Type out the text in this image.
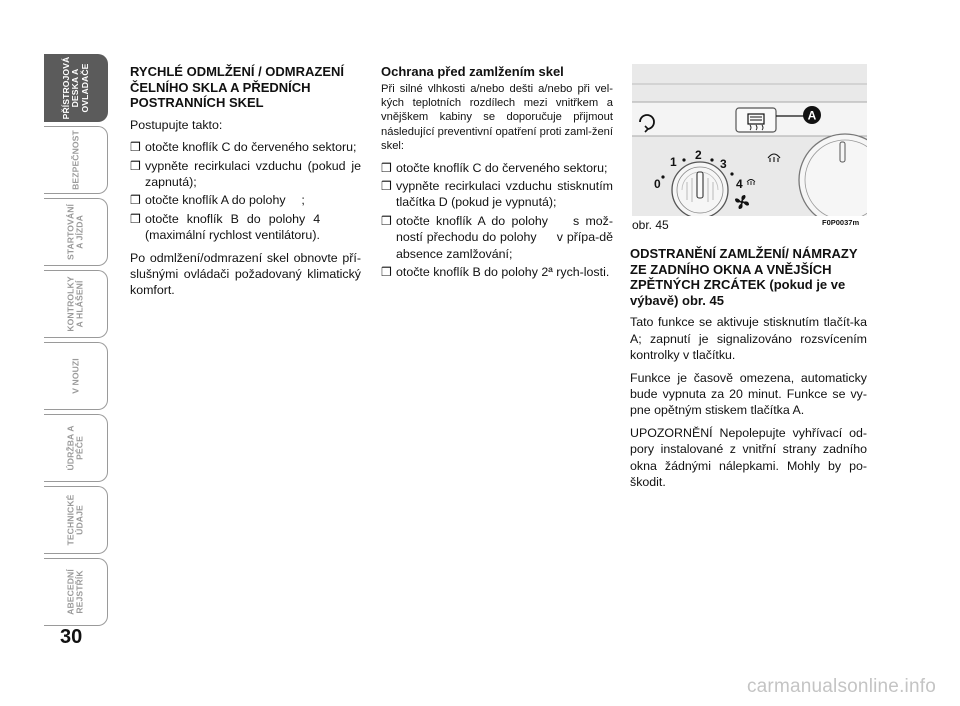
PŘÍSTROJOVÁ
DESKA A
OVLADAČE
BEZPEČNOST
STARTOVÁNÍ
A JÍZDA
KONTROLKY
A HLÁŠENÍ
V NOUZI
ÚDRŽBA A
PÉČE
TECHNICKÉ
ÚDAJE
ABECEDNÍ
REJSTŘÍK
30
RYCHLÉ ODMLŽENÍ / ODMRAZENÍ ČELNÍHO SKLA A PŘEDNÍCH POSTRANNÍCH SKEL
Postupujte takto:
❒ otočte knoflík C do červeného sektoru;
❒ vypněte recirkulaci vzduchu (pokud je zapnutá);
❒ otočte knoflík A do polohy  ;
❒ otočte knoflík B do polohy 4     (maximální rychlost ventilátoru).
Po odmlžení/odmrazení skel obnovte pří-slušnými ovládači požadovaný klimatický komfort.
Ochrana před zamlžením skel
Při silné vlhkosti a/nebo dešti a/nebo při vel-kých teplotních rozdílech mezi vnitřkem a vnějškem kabiny se doporučuje přijmout následující preventivní opatření proti zaml-žení skel:
❒ otočte knoflík C do červeného sektoru;
❒ vypněte recirkulaci vzduchu stisknutím tlačítka D (pokud je vypnutá);
❒ otočte knoflík A do polohy   s mož-ností přechodu do polohy   v přípa-dě absence zamlžování;
❒ otočte knoflík B do polohy 2ª rych-losti.
A
0
1 2
3
4
obr. 45	F0P0037m
ODSTRANĚNÍ ZAMLŽENÍ/ NÁMRAZY ZE ZADNÍHO OKNA A VNĚJŠÍCH ZPĚTNÝCH ZRCÁTEK (pokud je ve výbavě) obr. 45
Tato funkce se aktivuje stisknutím tlačít-ka A; zapnutí je signalizováno rozsvícením kontrolky v tlačítku.
Funkce je časově omezena, automaticky bude vypnuta za 20 minut. Funkce se vy-pne opětným stiskem tlačítka A.
UPOZORNĚNÍ Nepolepujte vyhřívací od-pory instalované z vnitřní strany zadního okna žádnými nálepkami. Mohly by po-škodit.
carmanualsonline.info
